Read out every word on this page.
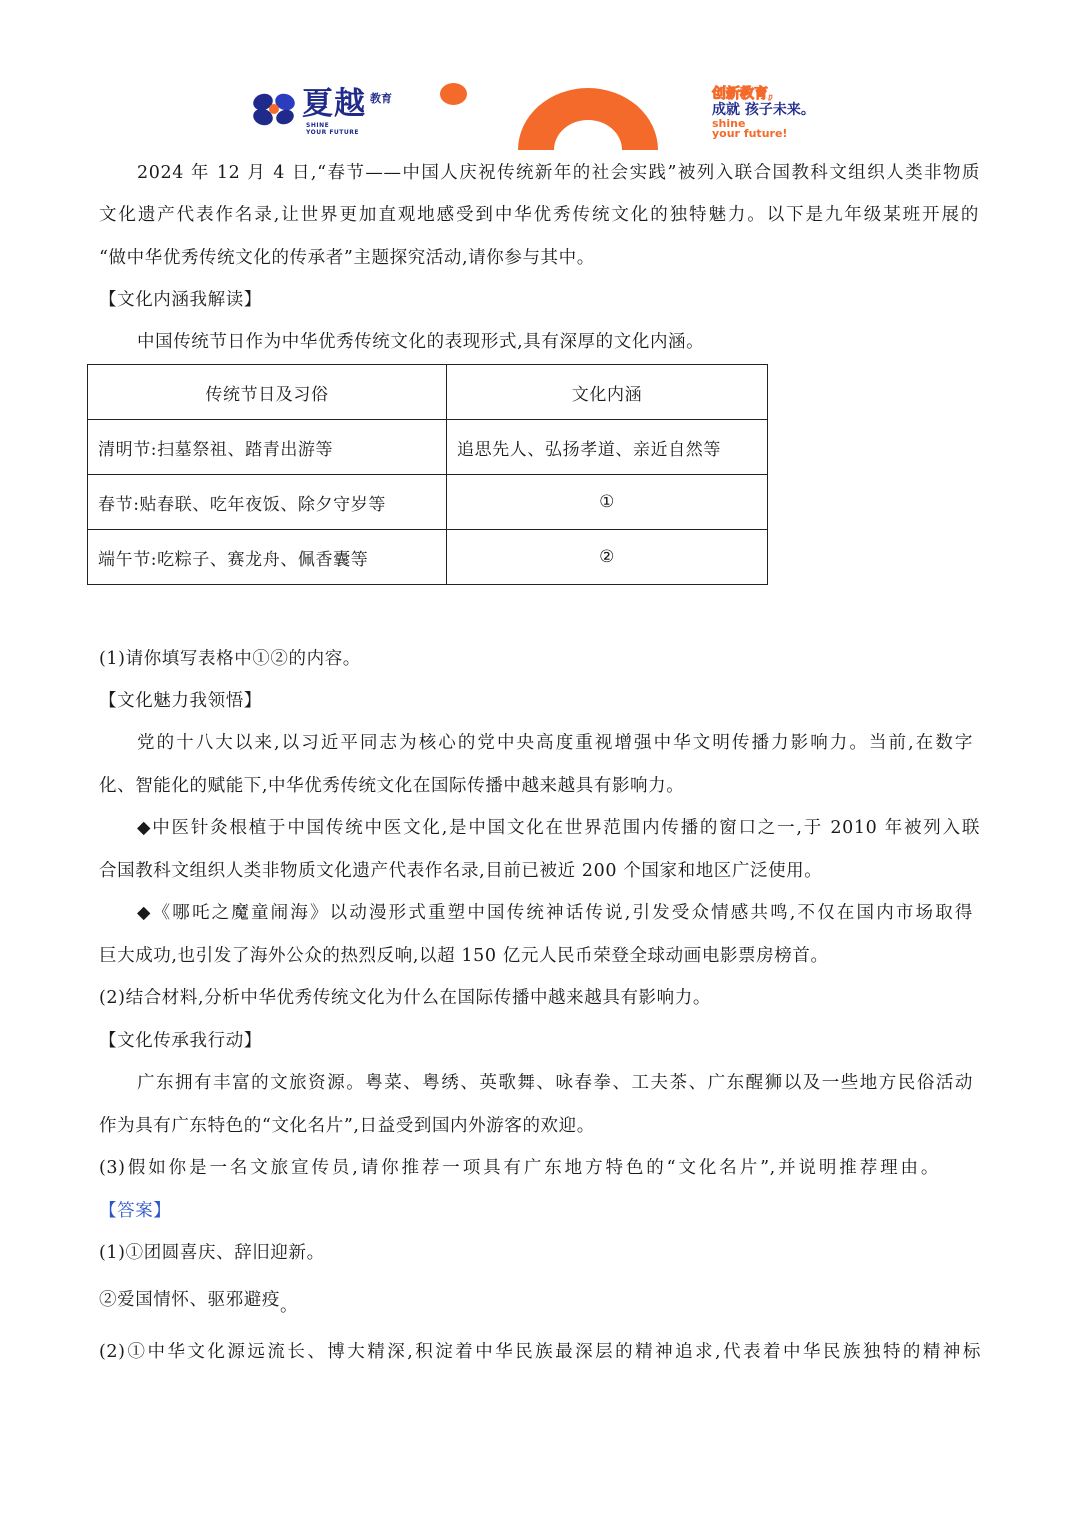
夏越 教育
SHINE
YOUR FUTURE
创新教育,
成就 孩子未来。
shine
your future!
2024 年 12 月 4 日,“春节——中国人庆祝传统新年的社会实践”被列入联合国教科文组织人类非物质
文化遗产代表作名录,让世界更加直观地感受到中华优秀传统文化的独特魅力。以下是九年级某班开展的
“做中华优秀传统文化的传承者”主题探究活动,请你参与其中。
【文化内涵我解读】
中国传统节日作为中华优秀传统文化的表现形式,具有深厚的文化内涵。
传统节日及习俗	文化内涵
清明节:扫墓祭祖、踏青出游等	追思先人、弘扬孝道、亲近自然等
春节:贴春联、吃年夜饭、除夕守岁等	①
端午节:吃粽子、赛龙舟、佩香囊等	②
(1)请你填写表格中①②的内容。
【文化魅力我领悟】
党的十八大以来,以习近平同志为核心的党中央高度重视增强中华文明传播力影响力。当前,在数字
化、智能化的赋能下,中华优秀传统文化在国际传播中越来越具有影响力。
◆中医针灸根植于中国传统中医文化,是中国文化在世界范围内传播的窗口之一,于 2010 年被列入联
合国教科文组织人类非物质文化遗产代表作名录,目前已被近 200 个国家和地区广泛使用。
◆《哪吒之魔童闹海》以动漫形式重塑中国传统神话传说,引发受众情感共鸣,不仅在国内市场取得
巨大成功,也引发了海外公众的热烈反响,以超 150 亿元人民币荣登全球动画电影票房榜首。
(2)结合材料,分析中华优秀传统文化为什么在国际传播中越来越具有影响力。
【文化传承我行动】
广东拥有丰富的文旅资源。粤菜、粤绣、英歌舞、咏春拳、工夫茶、广东醒狮以及一些地方民俗活动
作为具有广东特色的“文化名片”,日益受到国内外游客的欢迎。
(3)假如你是一名文旅宣传员,请你推荐一项具有广东地方特色的“文化名片”,并说明推荐理由。
【答案】
(1)①团圆喜庆、辞旧迎新。
②爱国情怀、驱邪避疫。
(2)①中华文化源远流长、博大精深,积淀着中华民族最深层的精神追求,代表着中华民族独特的精神标
